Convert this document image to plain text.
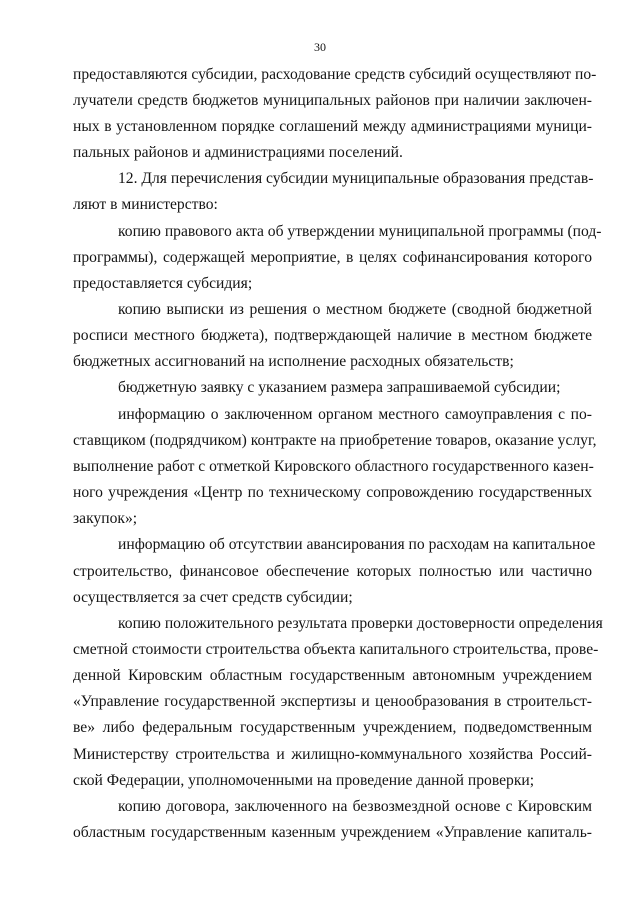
30
предоставляются субсидии, расходование средств субсидий осуществляют по-
лучатели средств бюджетов муниципальных районов при наличии заключен-
ных в установленном порядке соглашений между администрациями муници-
пальных районов и администрациями поселений.
12. Для перечисления субсидии муниципальные образования представ-
ляют в министерство:
копию правового акта об утверждении муниципальной программы (под-
программы), содержащей мероприятие, в целях софинансирования которого
предоставляется субсидия;
копию выписки из решения о местном бюджете (сводной бюджетной
росписи местного бюджета), подтверждающей наличие в местном бюджете
бюджетных ассигнований на исполнение расходных обязательств;
бюджетную заявку с указанием размера запрашиваемой субсидии;
информацию о заключенном органом местного самоуправления с по-
ставщиком (подрядчиком) контракте на приобретение товаров, оказание услуг,
выполнение работ с отметкой Кировского областного государственного казен-
ного учреждения «Центр по техническому сопровождению государственных
закупок»;
информацию об отсутствии авансирования по расходам на капитальное
строительство, финансовое обеспечение которых полностью или частично
осуществляется за счет средств субсидии;
копию положительного результата проверки достоверности определения
сметной стоимости строительства объекта капитального строительства, прове-
денной Кировским областным государственным автономным учреждением
«Управление государственной экспертизы и ценообразования в строительст-
ве» либо федеральным государственным учреждением, подведомственным
Министерству строительства и жилищно-коммунального хозяйства Россий-
ской Федерации, уполномоченными на проведение данной проверки;
копию договора, заключенного на безвозмездной основе с Кировским
областным государственным казенным учреждением «Управление капиталь-
